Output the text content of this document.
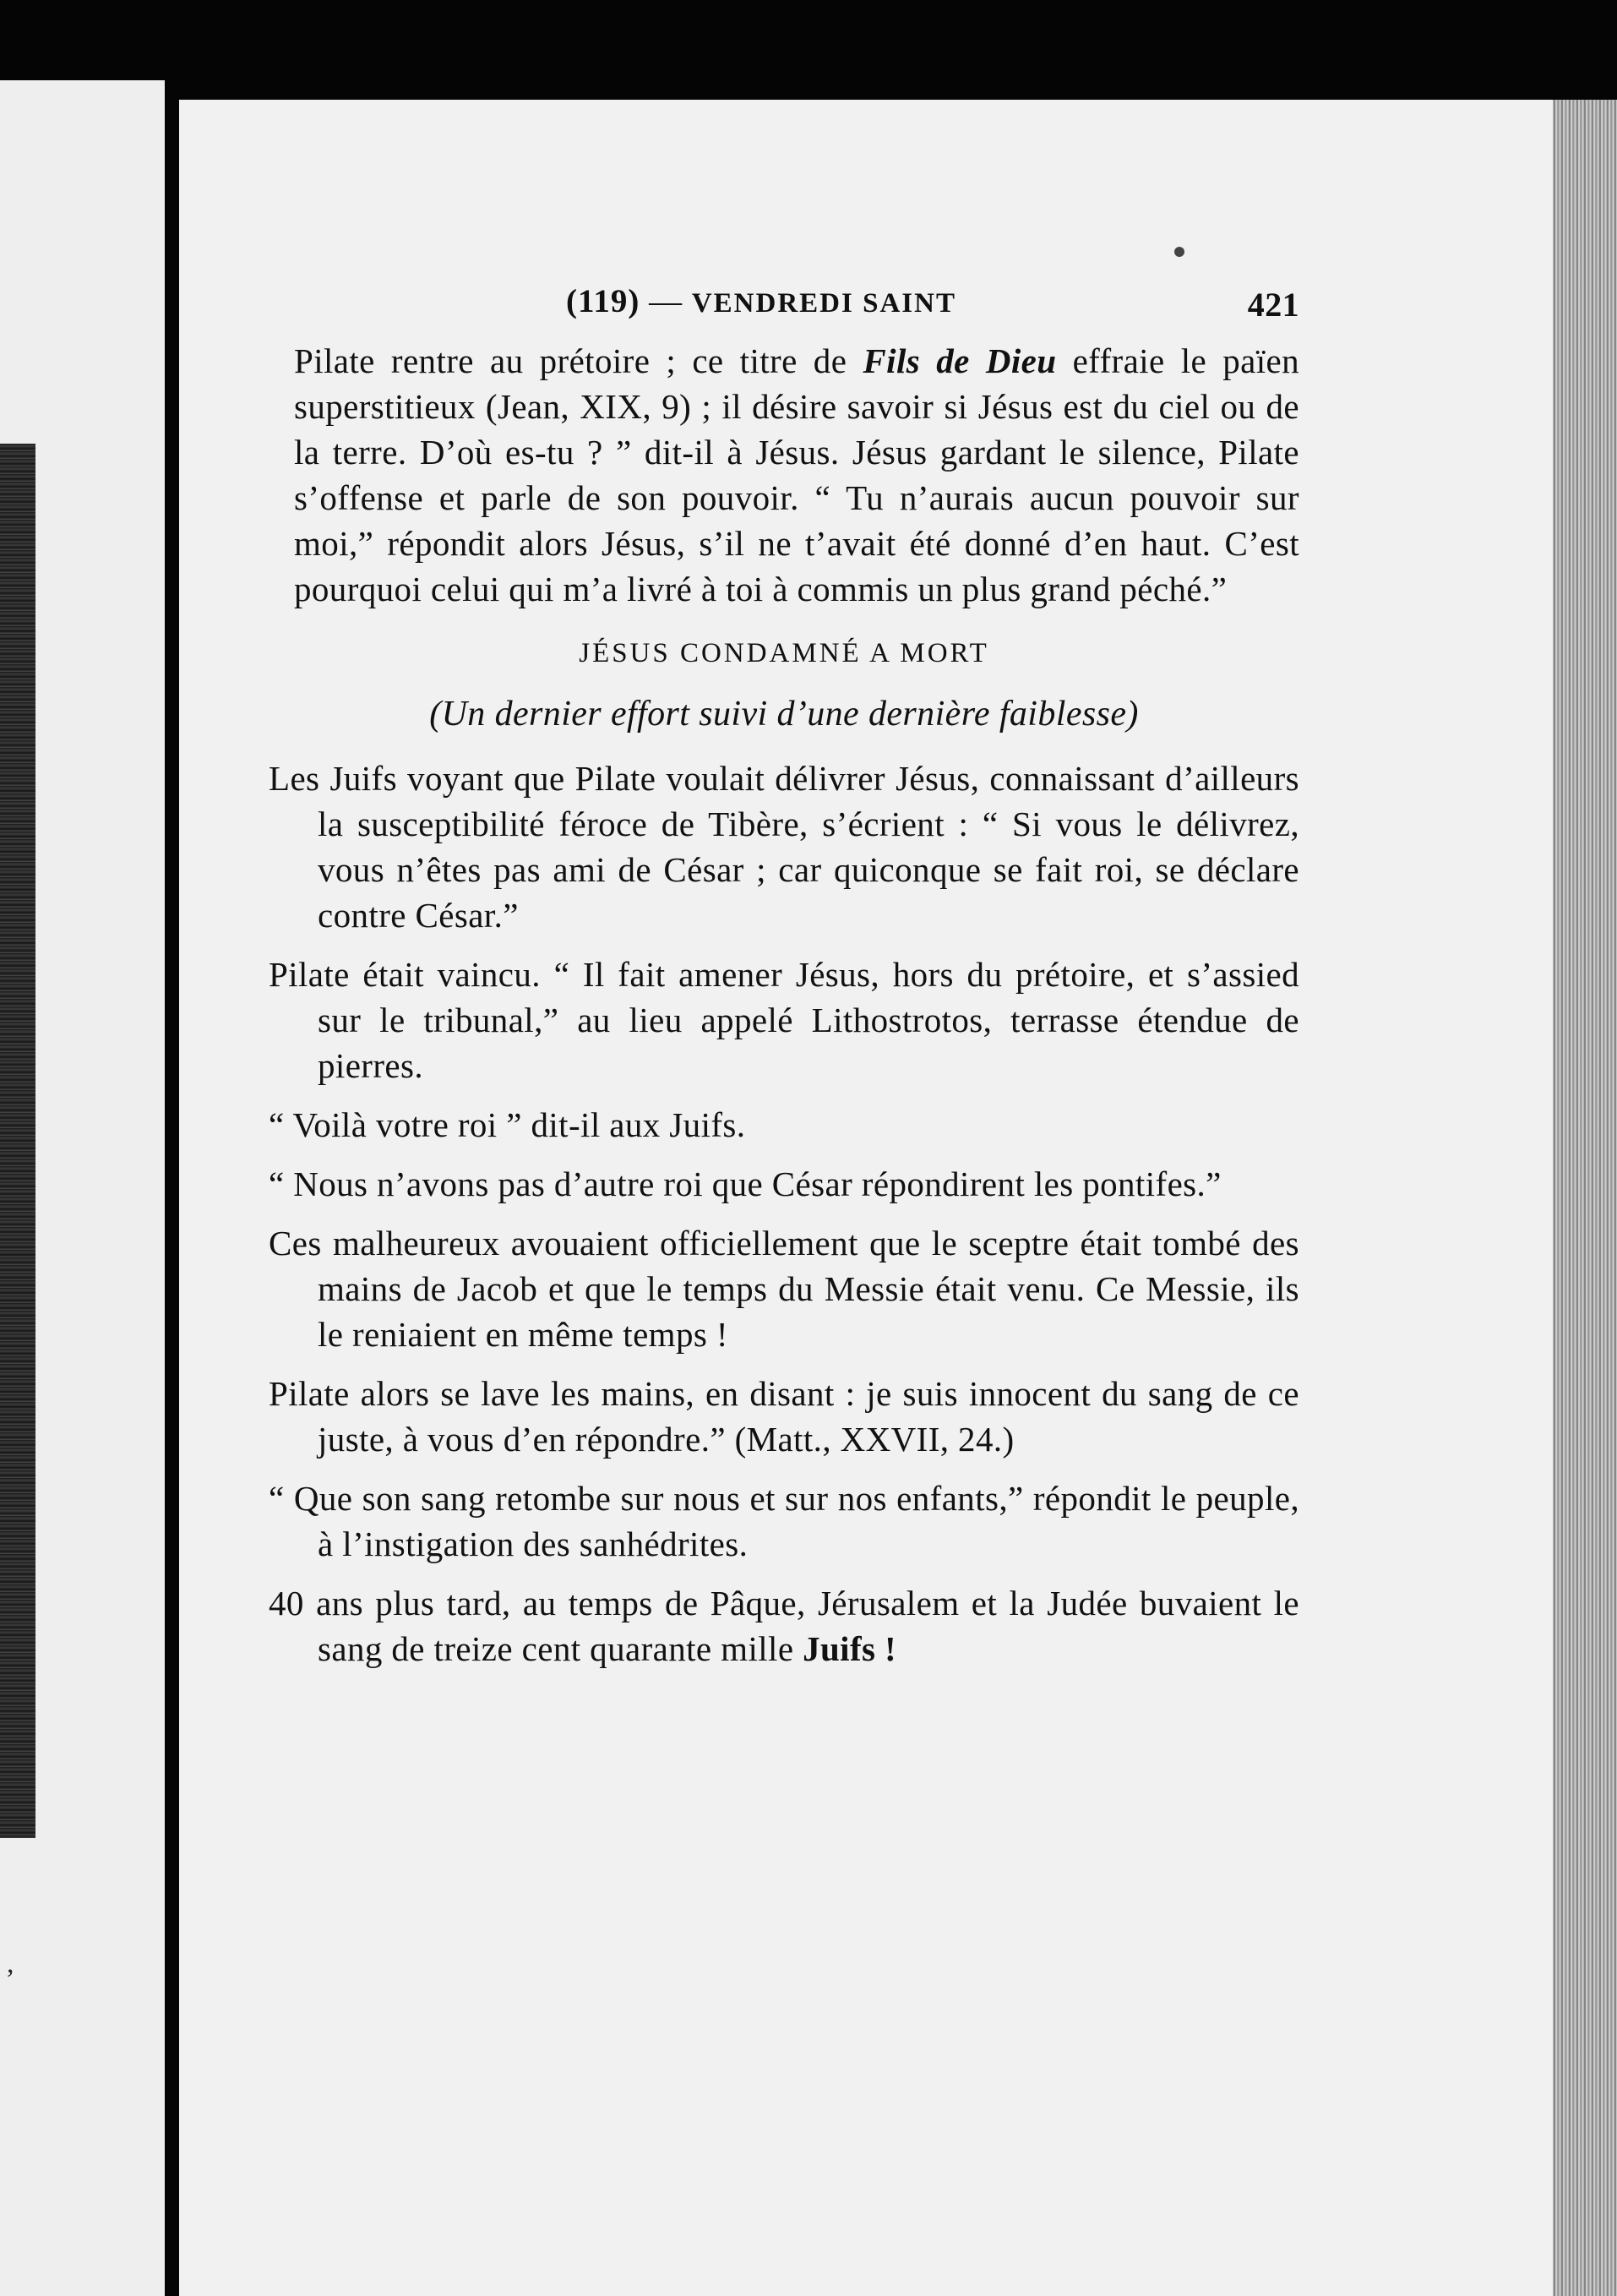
,
(119) — VENDREDI SAINT	421

Pilate rentre au prétoire ; ce titre de Fils de Dieu effraie le païen superstitieux (Jean, XIX, 9) ; il désire savoir si Jésus est du ciel ou de la terre. D’où es-tu ? ” dit-il à Jésus. Jésus gardant le silence, Pilate s’offense et parle de son pouvoir. “ Tu n’aurais aucun pouvoir sur moi,” répondit alors Jésus, s’il ne t’avait été donné d’en haut. C’est pourquoi celui qui m’a livré à toi à commis un plus grand péché.”

JÉSUS CONDAMNÉ A MORT
(Un dernier effort suivi d’une dernière faiblesse)

Les Juifs voyant que Pilate voulait délivrer Jésus, connaissant d’ailleurs la susceptibilité féroce de Tibère, s’écrient : “ Si vous le délivrez, vous n’êtes pas ami de César ; car quiconque se fait roi, se déclare contre César.”

Pilate était vaincu. “ Il fait amener Jésus, hors du prétoire, et s’assied sur le tribunal,” au lieu appelé Lithostrotos, terrasse étendue de pierres.

“ Voilà votre roi ” dit-il aux Juifs.

“ Nous n’avons pas d’autre roi que César répondirent les pontifes.”

Ces malheureux avouaient officiellement que le sceptre était tombé des mains de Jacob et que le temps du Messie était venu. Ce Messie, ils le reniaient en même temps !

Pilate alors se lave les mains, en disant : je suis innocent du sang de ce juste, à vous d’en répondre.” (Matt., XXVII, 24.)

“ Que son sang retombe sur nous et sur nos enfants,” répondit le peuple, à l’instigation des sanhédrites.

40 ans plus tard, au temps de Pâque, Jérusalem et la Judée buvaient le sang de treize cent quarante mille Juifs !
